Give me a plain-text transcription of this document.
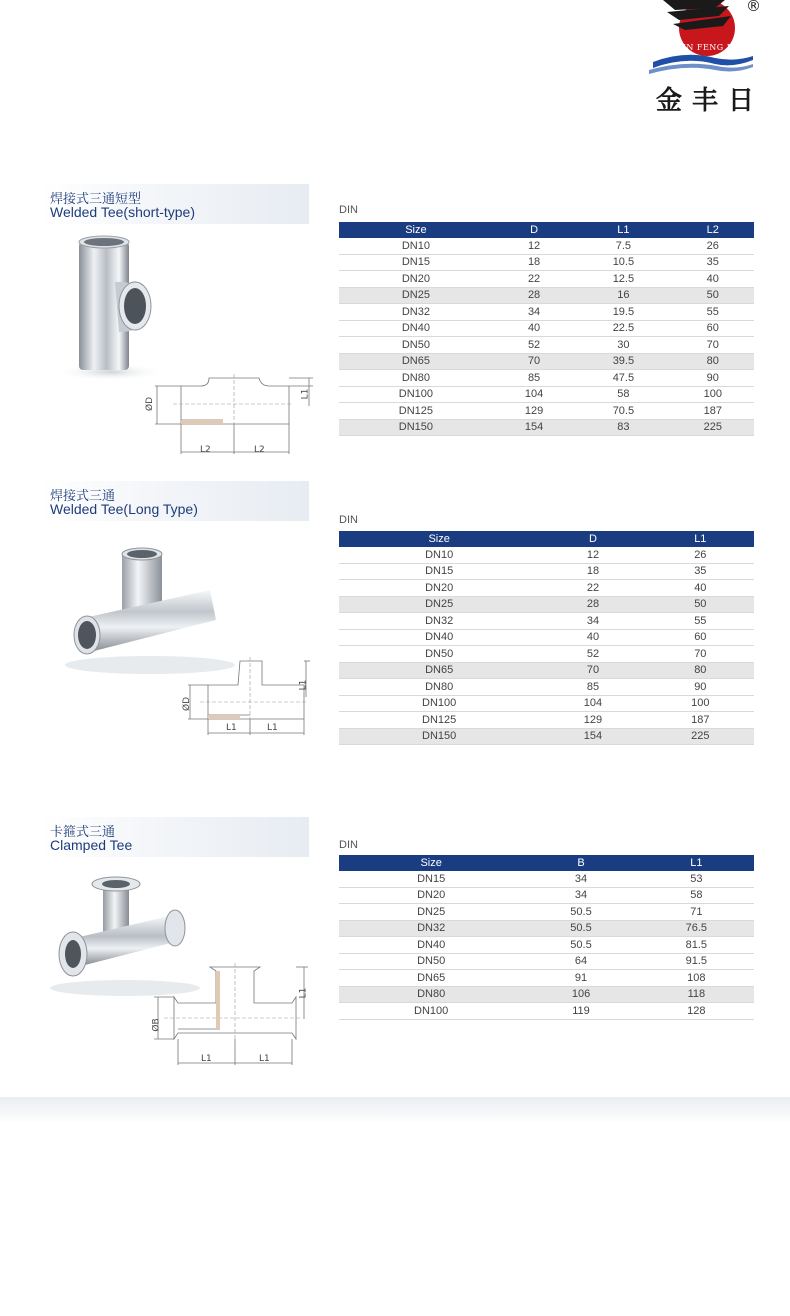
JIN FENG RI
®
金丰日
焊接式三通短型
Welded Tee(short-type)
ØD
L1
L2	L2
DIN
Size	D	L1	L2
DN10	12	7.5	26
DN15	18	10.5	35
DN20	22	12.5	40
DN25	28	16	50
DN32	34	19.5	55
DN40	40	22.5	60
DN50	52	30	70
DN65	70	39.5	80
DN80	85	47.5	90
DN100	104	58	100
DN125	129	70.5	187
DN150	154	83	225
焊接式三通
Welded Tee(Long Type)
ØD
L1
L1	L1
DIN
Size	D	L1
DN10	12	26
DN15	18	35
DN20	22	40
DN25	28	50
DN32	34	55
DN40	40	60
DN50	52	70
DN65	70	80
DN80	85	90
DN100	104	100
DN125	129	187
DN150	154	225
卡箍式三通
Clamped Tee
ØB
L1
L1	L1
DIN
Size	B	L1
DN15	34	53
DN20	34	58
DN25	50.5	71
DN32	50.5	76.5
DN40	50.5	81.5
DN50	64	91.5
DN65	91	108
DN80	106	118
DN100	119	128
